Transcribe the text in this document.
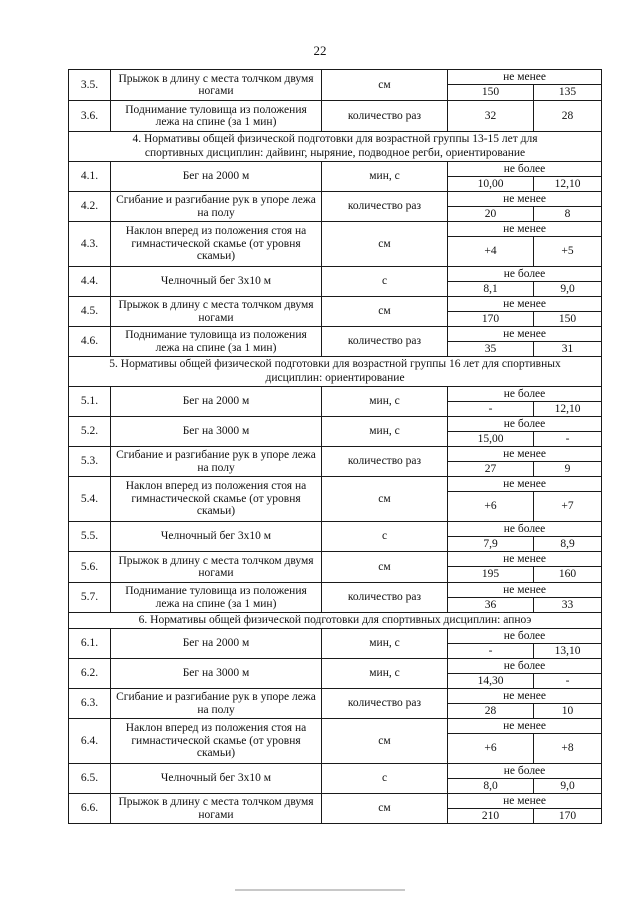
22
3.5.	Прыжок в длину с места толчком двумя ногами	см	не менее	
			150	135
3.6.	Поднимание туловища из положения лежа на спине (за 1 мин)	количество раз	32	28
4. Нормативы общей физической подготовки для возрастной группы 13-15 лет для спортивных дисциплин: дайвинг, ныряние, подводное регби, ориентирование				
4.1.	Бег на 2000 м	мин, с	не более	
			10,00	12,10
4.2.	Сгибание и разгибание рук в упоре лежа на полу	количество раз	не менее	
			20	8
4.3.	Наклон вперед из положения стоя на гимнастической скамье (от уровня скамьи)	см	не менее	
			+4	+5
4.4.	Челночный бег 3х10 м	с	не более	
			8,1	9,0
4.5.	Прыжок в длину с места толчком двумя ногами	см	не менее	
			170	150
4.6.	Поднимание туловища из положения лежа на спине (за 1 мин)	количество раз	не менее	
			35	31
5. Нормативы общей физической подготовки для возрастной группы 16 лет для спортивных дисциплин: ориентирование				
5.1.	Бег на 2000 м	мин, с	не более	
			-	12,10
5.2.	Бег на 3000 м	мин, с	не более	
			15,00	-
5.3.	Сгибание и разгибание рук в упоре лежа на полу	количество раз	не менее	
			27	9
5.4.	Наклон вперед из положения стоя на гимнастической скамье (от уровня скамьи)	см	не менее	
			+6	+7
5.5.	Челночный бег 3х10 м	с	не более	
			7,9	8,9
5.6.	Прыжок в длину с места толчком двумя ногами	см	не менее	
			195	160
5.7.	Поднимание туловища из положения лежа на спине (за 1 мин)	количество раз	не менее	
			36	33
6. Нормативы общей физической подготовки для спортивных дисциплин: апноэ				
6.1.	Бег на 2000 м	мин, с	не более	
			-	13,10
6.2.	Бег на 3000 м	мин, с	не более	
			14,30	-
6.3.	Сгибание и разгибание рук в упоре лежа на полу	количество раз	не менее	
			28	10
6.4.	Наклон вперед из положения стоя на гимнастической скамье (от уровня скамьи)	см	не менее	
			+6	+8
6.5.	Челночный бег 3х10 м	с	не более	
			8,0	9,0
6.6.	Прыжок в длину с места толчком двумя ногами	см	не менее	
			210	170
